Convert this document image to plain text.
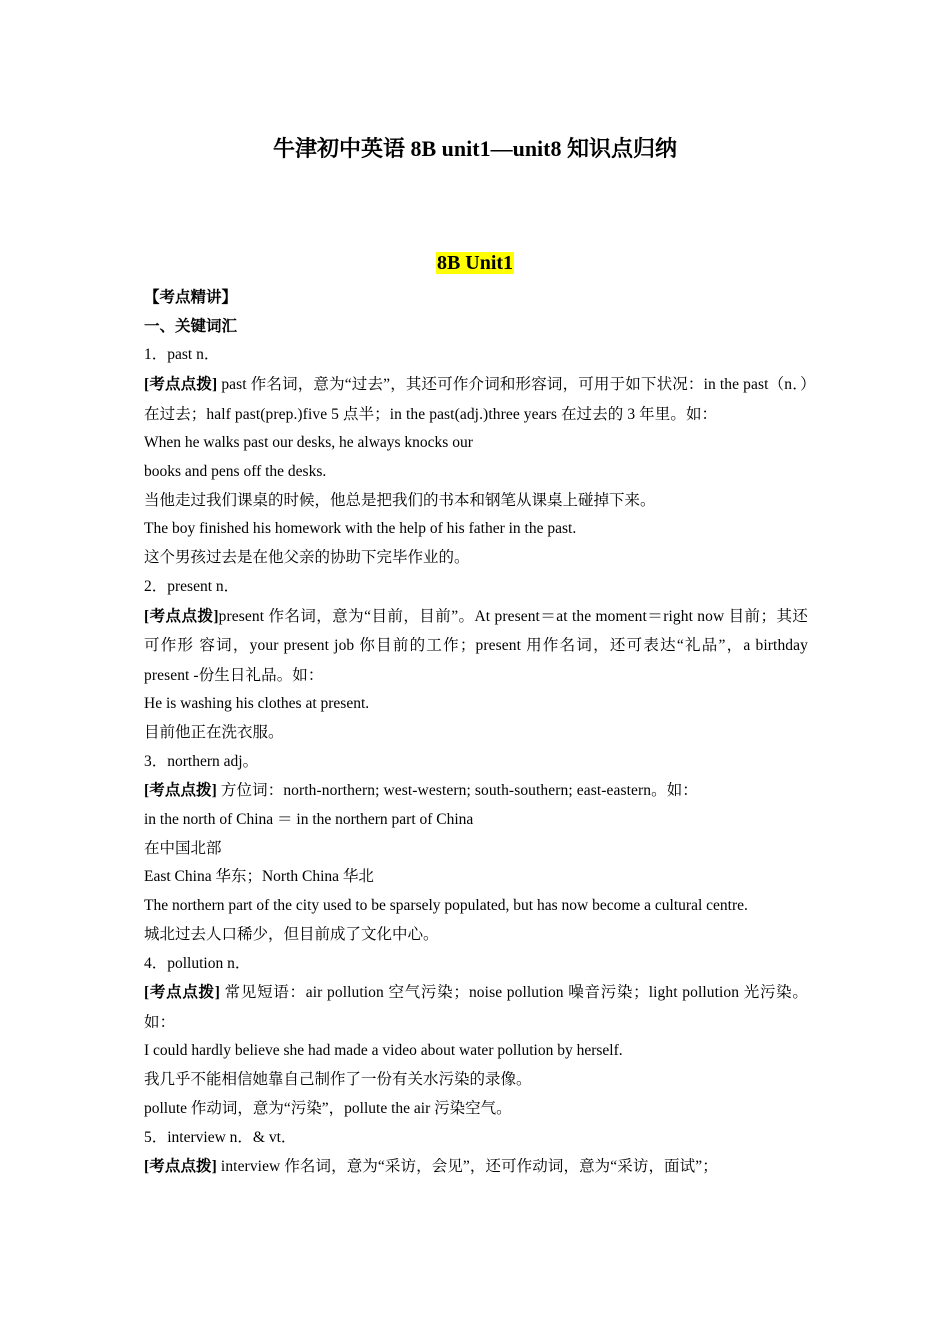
牛津初中英语 8B unit1—unit8 知识点归纳
8B Unit1
【考点精讲】
一、关键词汇
1．past n．
[考点点拨] past 作名词，意为“过去”，其还可作介词和形容词，可用于如下状况：in the past（n．）在过去；half past(prep.)five 5 点半；in the past(adj.)three years 在过去的 3 年里。如：
When he walks past our desks, he always knocks our
books and pens off the desks.
当他走过我们课桌的时候，他总是把我们的书本和钢笔从课桌上碰掉下来。
The boy finished his homework with the help of his father in the past.
这个男孩过去是在他父亲的协助下完毕作业的。
2．present n．
[考点点拨]present 作名词，意为“目前，目前”。At present＝at the moment＝right now 目前；其还可作形 容词，your present job 你目前的工作；present 用作名词，还可表达“礼品”，a birthday present -份生日礼品。如：
He is washing his clothes at present.
目前他正在洗衣服。
3．northern adj。
[考点点拨] 方位词：north-northern; west-western; south-southern; east-eastern。如：
in the north of China ＝ in the northern part of China
在中国北部
East China 华东；North China 华北
The northern part of the city used to be sparsely populated, but has now become a cultural centre.
城北过去人口稀少，但目前成了文化中心。
4．pollution n．
[考点点拨] 常见短语：air pollution 空气污染；noise pollution 噪音污染；light pollution 光污染。如：
I could hardly believe she had made a video about water pollution by herself.
我几乎不能相信她靠自己制作了一份有关水污染的录像。
pollute 作动词，意为“污染”，pollute the air 污染空气。
5．interview n．& vt．
[考点点拨] interview 作名词，意为“采访，会见”，还可作动词，意为“采访，面试”；
